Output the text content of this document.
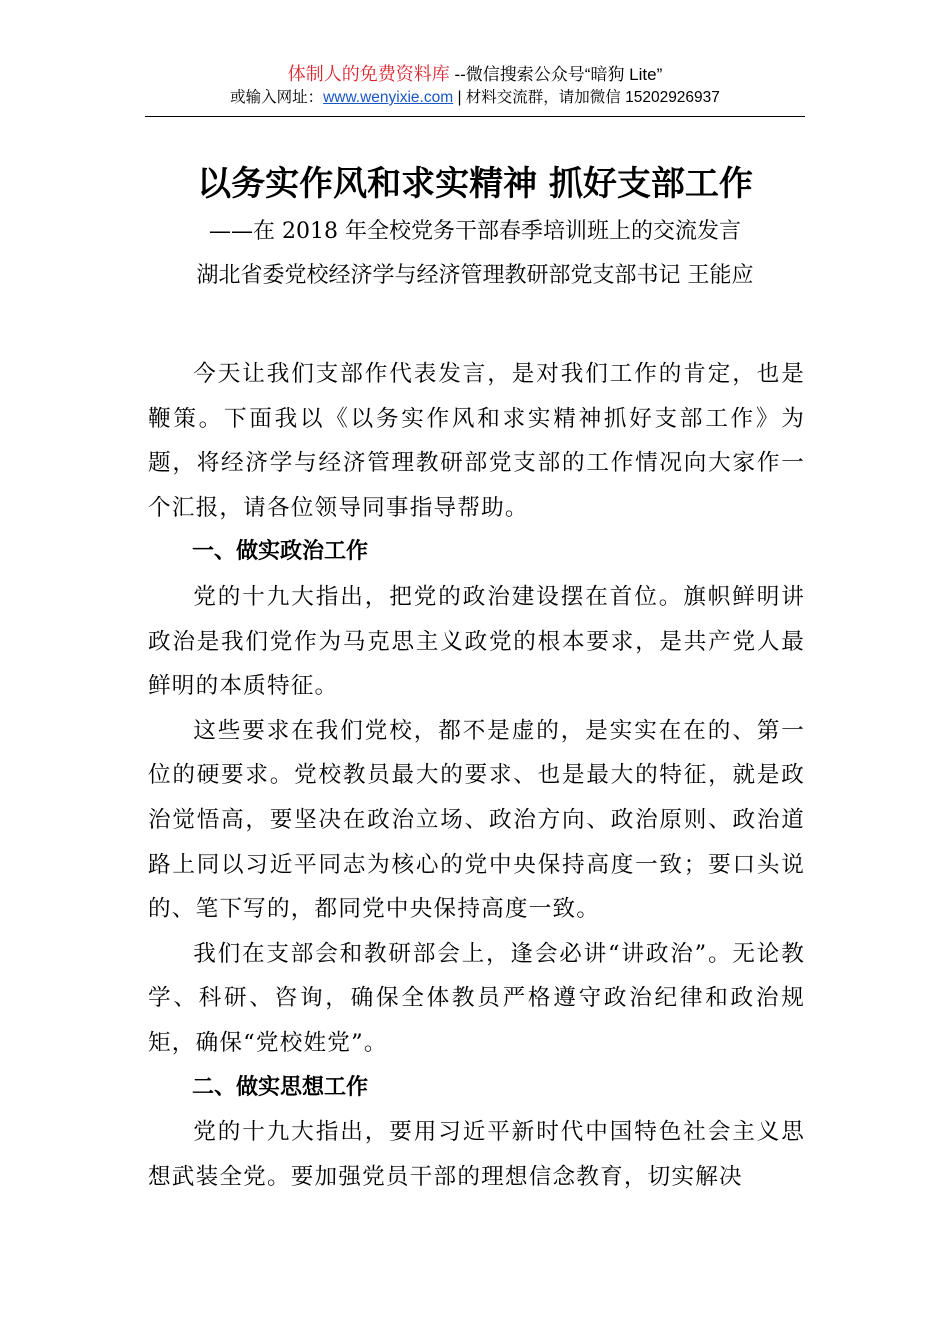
体制人的免费资料库 --微信搜索公众号“暗狗 Lite”
或输入网址：www.wenyixie.com | 材料交流群，请加微信 15202926937
以务实作风和求实精神 抓好支部工作
——在 2018 年全校党务干部春季培训班上的交流发言
湖北省委党校经济学与经济管理教研部党支部书记 王能应

今天让我们支部作代表发言，是对我们工作的肯定，也是鞭策。下面我以《以务实作风和求实精神抓好支部工作》为题，将经济学与经济管理教研部党支部的工作情况向大家作一个汇报，请各位领导同事指导帮助。

一、做实政治工作

党的十九大指出，把党的政治建设摆在首位。旗帜鲜明讲政治是我们党作为马克思主义政党的根本要求，是共产党人最鲜明的本质特征。

这些要求在我们党校，都不是虚的，是实实在在的、第一位的硬要求。党校教员最大的要求、也是最大的特征，就是政治觉悟高，要坚决在政治立场、政治方向、政治原则、政治道路上同以习近平同志为核心的党中央保持高度一致；要口头说的、笔下写的，都同党中央保持高度一致。

我们在支部会和教研部会上，逢会必讲“讲政治”。无论教学、科研、咨询，确保全体教员严格遵守政治纪律和政治规矩，确保“党校姓党”。

二、做实思想工作

党的十九大指出，要用习近平新时代中国特色社会主义思想武装全党。要加强党员干部的理想信念教育，切实解决
